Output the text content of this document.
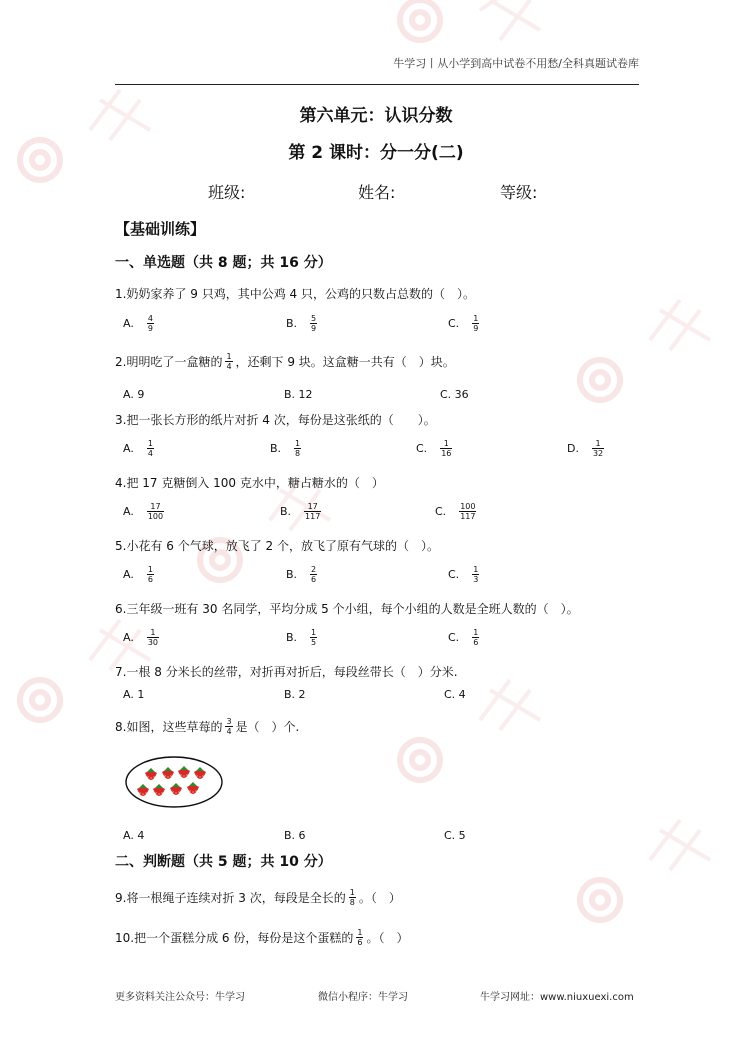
牛学习丨从小学到高中试卷不用愁/全科真题试卷库
第六单元：认识分数
第 2 课时：分一分(二)
班级:	姓名:	等级:
【基础训练】
一、单选题（共 8 题；共 16 分）
1.奶奶家养了 9 只鸡，其中公鸡 4 只，公鸡的只数占总数的（　）。
A. $\frac{4}{9}$	B. $\frac{5}{9}$	C. $\frac{1}{9}$
2.明明吃了一盒糖的 $\frac{1}{4}$ ，还剩下 9 块。这盒糖一共有（　）块。
A. 9	B. 12	C. 36
3.把一张长方形的纸片对折 4 次，每份是这张纸的（　　）。
A. $\frac{1}{4}$	B. $\frac{1}{8}$	C. $\frac{1}{16}$	D. $\frac{1}{32}$
4.把 17 克糖倒入 100 克水中，糖占糖水的（　）
A. $\frac{17}{100}$	B. $\frac{17}{117}$	C. $\frac{100}{117}$
5.小花有 6 个气球，放飞了 2 个，放飞了原有气球的（　）。
A. $\frac{1}{6}$	B. $\frac{2}{6}$	C. $\frac{1}{3}$
6.三年级一班有 30 名同学，平均分成 5 个小组，每个小组的人数是全班人数的（　）。
A. $\frac{1}{30}$	B. $\frac{1}{5}$	C. $\frac{1}{6}$
7.一根 8 分米长的丝带，对折再对折后，每段丝带长（　）分米.
A. 1	B. 2	C. 4
8.如图，这些草莓的 $\frac{3}{4}$ 是（　）个.
A. 4	B. 6	C. 5
二、判断题（共 5 题；共 10 分）
9.将一根绳子连续对折 3 次，每段是全长的 $\frac{1}{8}$ 。（　）
10.把一个蛋糕分成 6 份，每份是这个蛋糕的 $\frac{1}{6}$ 。（　）
更多资料关注公众号：牛学习	微信小程序：牛学习	牛学习网址：www.niuxuexi.com
